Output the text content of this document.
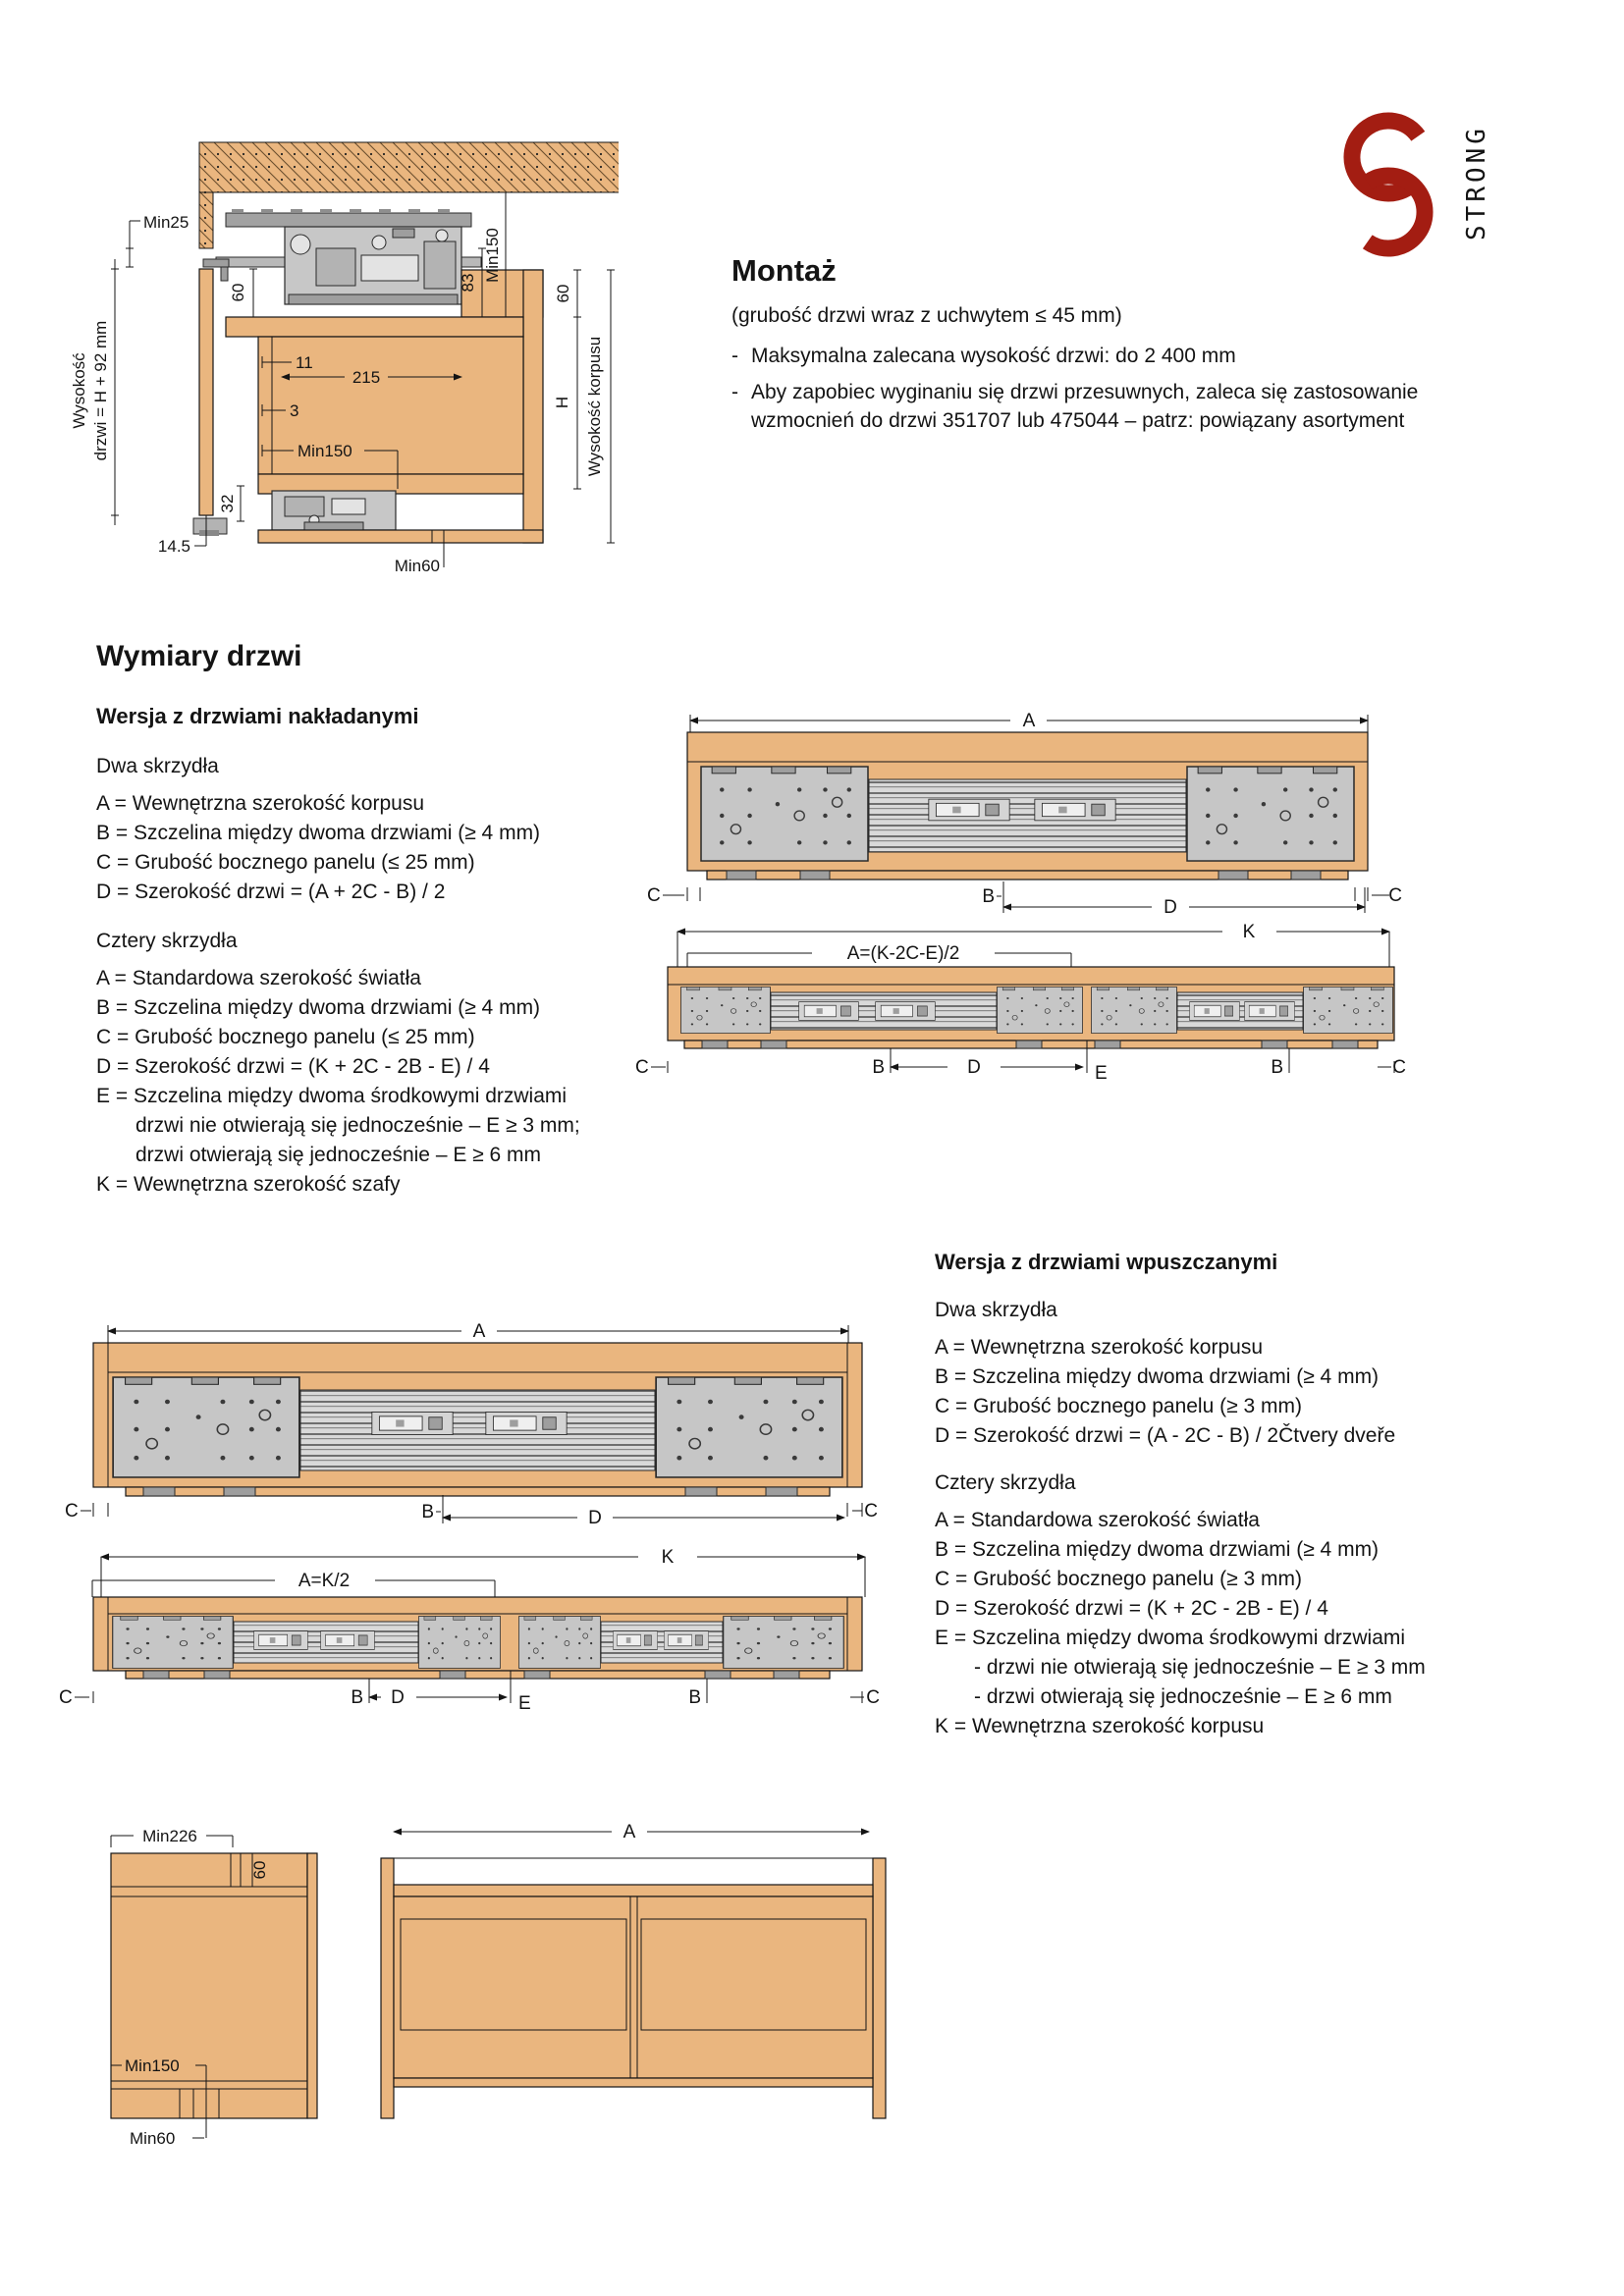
STRONG
Min25
60
83
Min150
60
H Wysokość korpusu
Wysokość drzwi = H + 92 mm	11
215
3
Min150
32
14.5
Min60
Montaż
(grubość drzwi wraz z uchwytem ≤ 45 mm)
- Maksymalna zalecana wysokość drzwi: do 2 400 mm
- Aby zapobiec wyginaniu się drzwi przesuwnych, zaleca się zastosowanie wzmocnień do drzwi 351707 lub 475044 – patrz: powiązany asortyment
Wymiary drzwi
Wersja z drzwiami nakładanymi
Dwa skrzydła
A = Wewnętrzna szerokość korpusu
B = Szczelina między dwoma drzwiami (≥ 4 mm)
C = Grubość bocznego panelu (≤ 25 mm)
D = Szerokość drzwi = (A + 2C - B) / 2
Cztery skrzydła
A = Standardowa szerokość światła
B = Szczelina między dwoma drzwiami (≥ 4 mm)
C = Grubość bocznego panelu (≤ 25 mm)
D = Szerokość drzwi = (K + 2C - 2B - E) / 4
E = Szczelina między dwoma środkowymi drzwiami
drzwi nie otwierają się jednocześnie – E ≥ 3 mm;
drzwi otwierają się jednocześnie – E ≥ 6 mm
K = Wewnętrzna szerokość szafy
Wersja z drzwiami wpuszczanymi
Dwa skrzydła
A = Wewnętrzna szerokość korpusu
B = Szczelina między dwoma drzwiami (≥ 4 mm)
C = Grubość bocznego panelu (≥ 3 mm)
D = Szerokość drzwi = (A - 2C - B) / 2Čtvery dveře
Cztery skrzydła
A = Standardowa szerokość światła
B = Szczelina między dwoma drzwiami (≥ 4 mm)
C = Grubość bocznego panelu (≥ 3 mm)
D = Szerokość drzwi = (K + 2C - 2B - E) / 4
E = Szczelina między dwoma środkowymi drzwiami
- drzwi nie otwierają się jednocześnie – E ≥ 3 mm
- drzwi otwierają się jednocześnie – E ≥ 6 mm
K = Wewnętrzna szerokość korpusu
A
C	C
B
D
K
A=(K-2C-E)/2
C	B	D	E	B	C
A
C	B	D	C
K
A=K/2
C	B D	E	B	C
Min226
60
Min150
Min60
A
